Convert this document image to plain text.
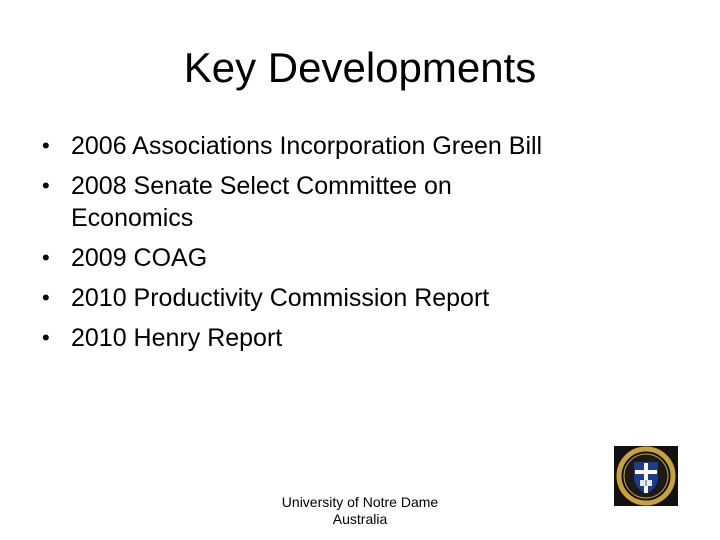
Key Developments
• 2006 Associations Incorporation Green Bill
• 2008 Senate Select Committee on Economics
• 2009 COAG
• 2010 Productivity Commission Report
• 2010 Henry Report
University of Notre Dame
Australia
